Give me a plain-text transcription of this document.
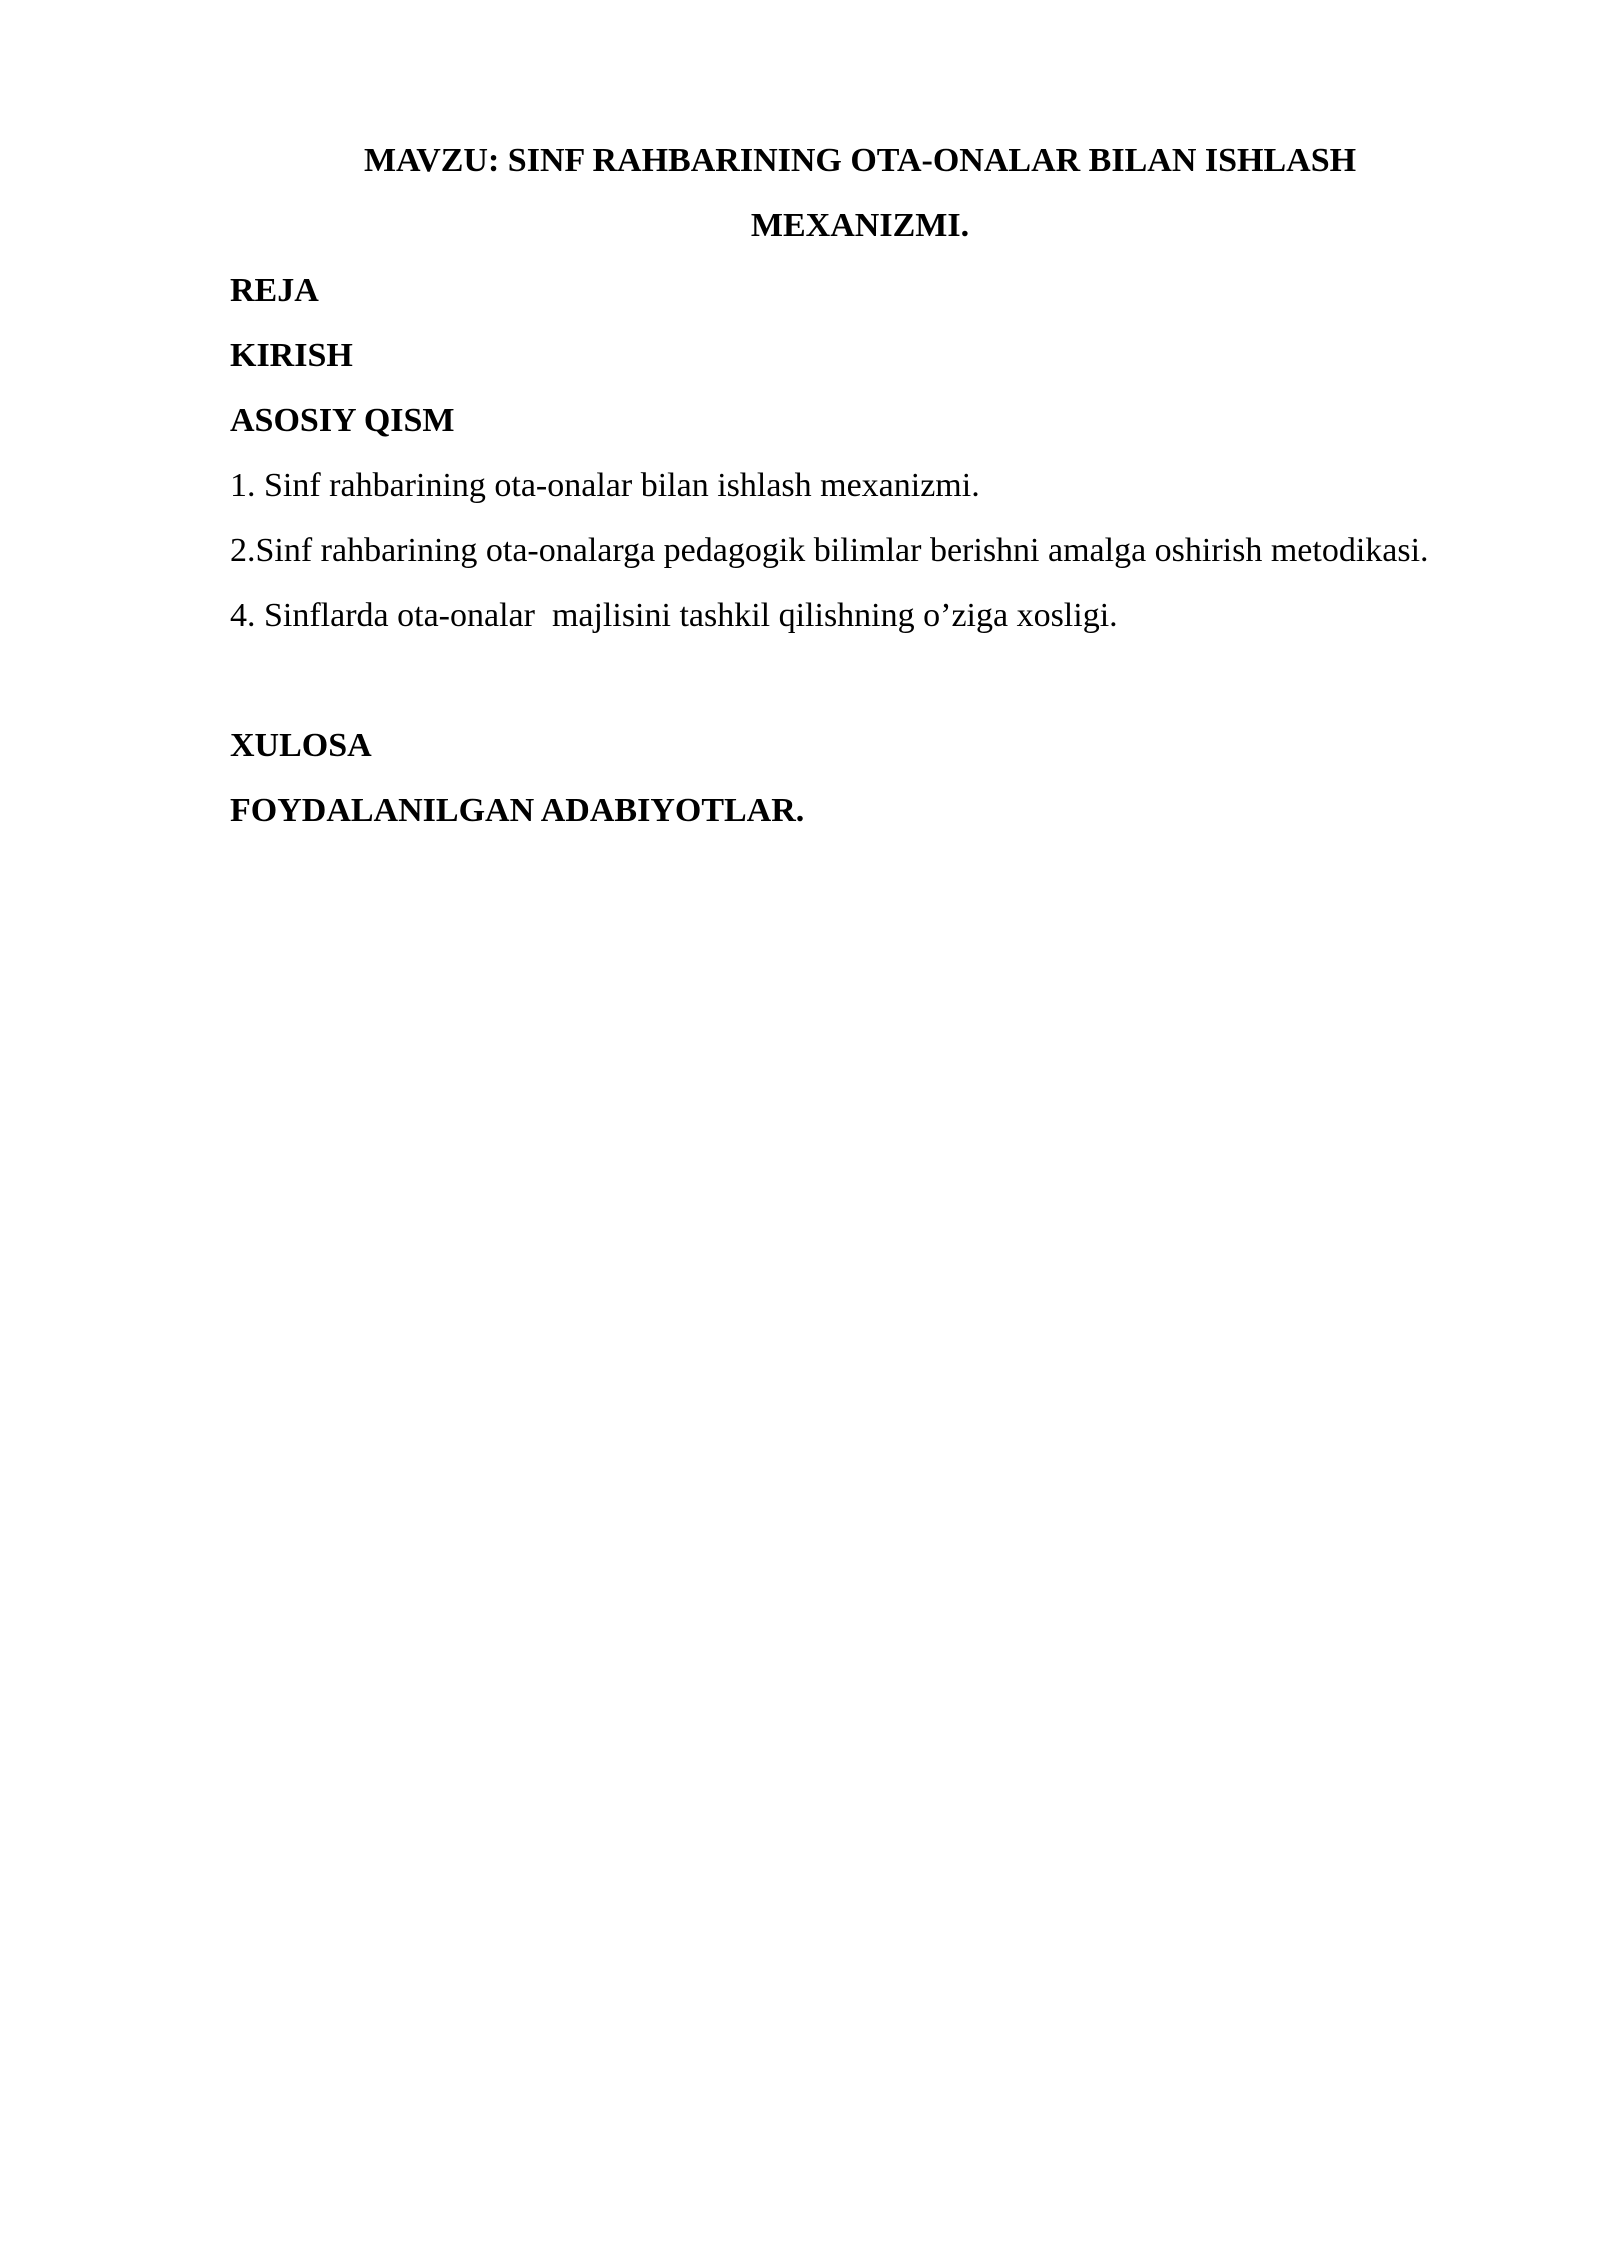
MAVZU: SINF RAHBARINING OTA-ONALAR BILAN ISHLASH

MEXANIZMI.

REJA

KIRISH

ASOSIY QISM

1. Sinf rahbarining ota-onalar bilan ishlash mexanizmi.

2.Sinf rahbarining ota-onalarga pedagogik bilimlar berishni amalga oshirish metodikasi.

4. Sinflarda ota-onalar  majlisini tashkil qilishning o’ziga xosligi.

XULOSA

FOYDALANILGAN ADABIYOTLAR.
